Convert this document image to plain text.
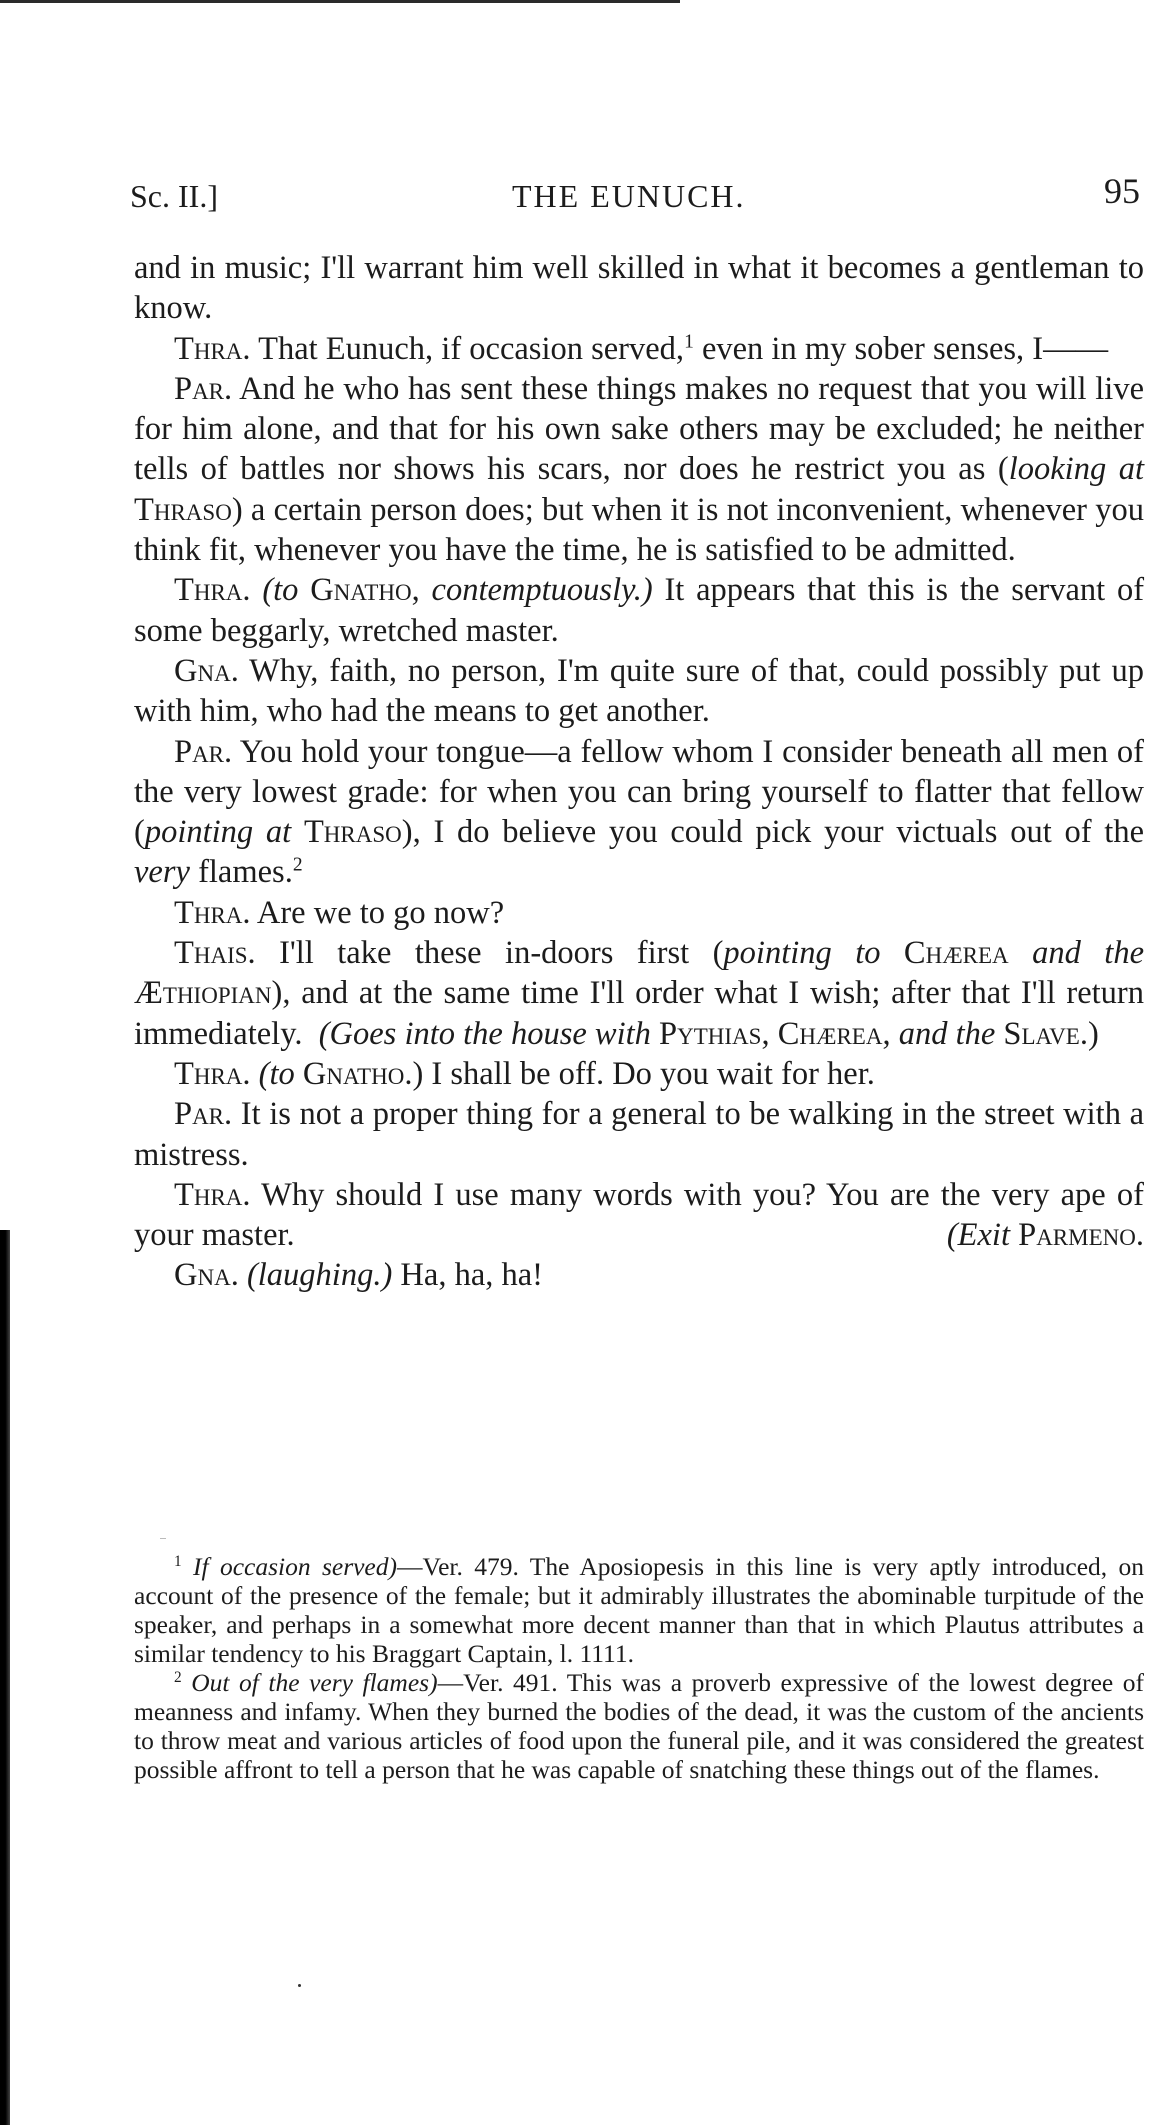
Sc. II.]	THE EUNUCH.	95

and in music; I'll warrant him well skilled in what it becomes a gentleman to know.

Thra. That Eunuch, if occasion served,$^1$ even in my sober senses, I——

Par. And he who has sent these things makes no request that you will live for him alone, and that for his own sake others may be excluded; he neither tells of battles nor shows his scars, nor does he restrict you as (looking at Thraso) a certain person does; but when it is not inconvenient, whenever you think fit, whenever you have the time, he is satisfied to be admitted.

Thra. (to Gnatho, contemptuously.) It appears that this is the servant of some beggarly, wretched master.

Gna. Why, faith, no person, I'm quite sure of that, could possibly put up with him, who had the means to get another.

Par. You hold your tongue—a fellow whom I consider beneath all men of the very lowest grade: for when you can bring yourself to flatter that fellow (pointing at Thraso), I do believe you could pick your victuals out of the very flames.$^2$

Thra. Are we to go now?

Thais. I'll take these in-doors first (pointing to Chærea and the Æthiopian), and at the same time I'll order what I wish; after that I'll return immediately. (Goes into the house with Pythias, Chærea, and the Slave.)

Thra. (to Gnatho.) I shall be off. Do you wait for her.

Par. It is not a proper thing for a general to be walking in the street with a mistress.

Thra. Why should I use many words with you? You are the very ape of your master.	(Exit Parmeno.

Gna. (laughing.) Ha, ha, ha!

$^1$ If occasion served)—Ver. 479. The Aposiopesis in this line is very aptly introduced, on account of the presence of the female; but it admirably illustrates the abominable turpitude of the speaker, and perhaps in a somewhat more decent manner than that in which Plautus attributes a similar tendency to his Braggart Captain, l. 1111.

$^2$ Out of the very flames)—Ver. 491. This was a proverb expressive of the lowest degree of meanness and infamy. When they burned the bodies of the dead, it was the custom of the ancients to throw meat and various articles of food upon the funeral pile, and it was considered the greatest possible affront to tell a person that he was capable of snatching these things out of the flames.
